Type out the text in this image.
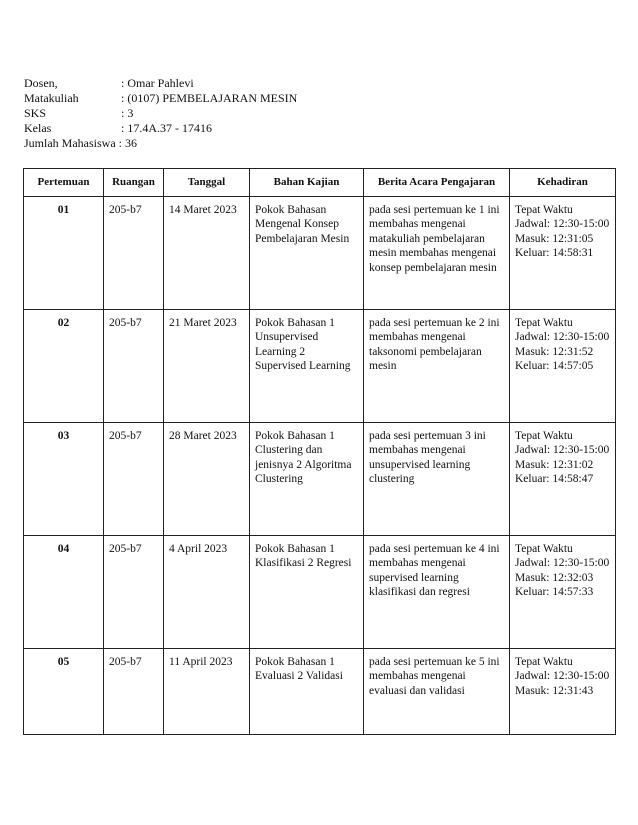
Dosen,	: Omar Pahlevi
Matakuliah	: (0107) PEMBELAJARAN MESIN
SKS	: 3
Kelas	: 17.4A.37 - 17416
Jumlah Mahasiswa : 36
Pertemuan	Ruangan	Tanggal	Bahan Kajian	Berita Acara Pengajaran	Kehadiran
01	205-b7	14 Maret 2023	Pokok Bahasan Mengenal Konsep Pembelajaran Mesin	pada sesi pertemuan ke 1 ini membahas mengenai matakuliah pembelajaran mesin membahas mengenai konsep pembelajaran mesin	Tepat Waktu Jadwal: 12:30-15:00 Masuk: 12:31:05 Keluar: 14:58:31
02	205-b7	21 Maret 2023	Pokok Bahasan 1 Unsupervised Learning 2 Supervised Learning	pada sesi pertemuan ke 2 ini membahas mengenai taksonomi pembelajaran mesin	Tepat Waktu Jadwal: 12:30-15:00 Masuk: 12:31:52 Keluar: 14:57:05
03	205-b7	28 Maret 2023	Pokok Bahasan 1 Clustering dan jenisnya 2 Algoritma Clustering	pada sesi pertemuan 3 ini membahas mengenai unsupervised learning clustering	Tepat Waktu Jadwal: 12:30-15:00 Masuk: 12:31:02 Keluar: 14:58:47
04	205-b7	4 April 2023	Pokok Bahasan 1 Klasifikasi 2 Regresi	pada sesi pertemuan ke 4 ini membahas mengenai supervised learning klasifikasi dan regresi	Tepat Waktu Jadwal: 12:30-15:00 Masuk: 12:32:03 Keluar: 14:57:33
05	205-b7	11 April 2023	Pokok Bahasan 1 Evaluasi 2 Validasi	pada sesi pertemuan ke 5 ini membahas mengenai evaluasi dan validasi	Tepat Waktu Jadwal: 12:30-15:00 Masuk: 12:31:43
